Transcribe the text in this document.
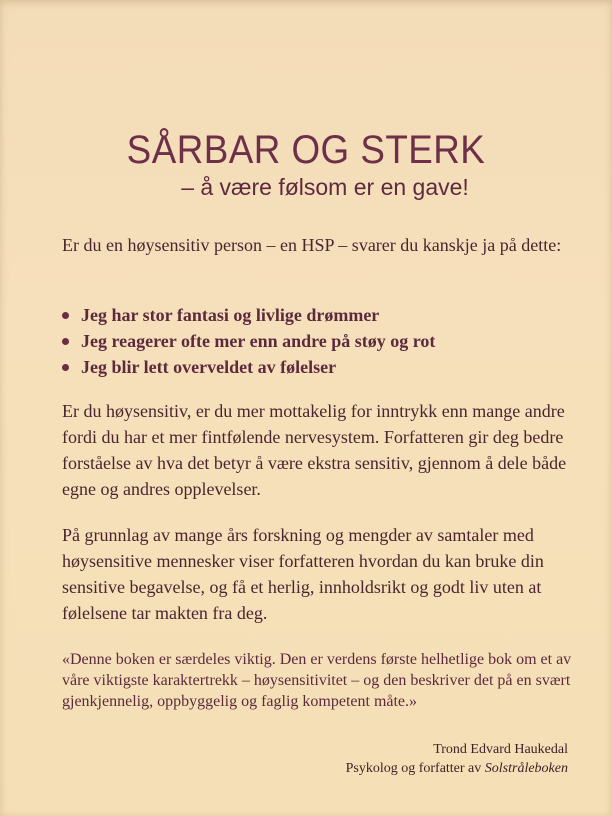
SÅRBAR OG STERK
– å være følsom er en gave!

Er du en høysensitiv person – en HSP – svarer du kanskje ja på dette:

Jeg har stor fantasi og livlige drømmer
Jeg reagerer ofte mer enn andre på støy og rot
Jeg blir lett overveldet av følelser

Er du høysensitiv, er du mer mottakelig for inntrykk enn mange andre fordi du har et mer fintfølende nervesystem. Forfatteren gir deg bedre forståelse av hva det betyr å være ekstra sensitiv, gjennom å dele både egne og andres opplevelser.

På grunnlag av mange års forskning og mengder av samtaler med høysensitive mennesker viser forfatteren hvordan du kan bruke din sensitive begavelse, og få et herlig, innholdsrikt og godt liv uten at følelsene tar makten fra deg.

«Denne boken er særdeles viktig. Den er verdens første helhetlige bok om et av våre viktigste karaktertrekk – høysensitivitet – og den beskriver det på en svært gjenkjennelig, oppbyggelig og faglig kompetent måte.»

Trond Edvard Haukedal
Psykolog og forfatter av Solstråleboken
